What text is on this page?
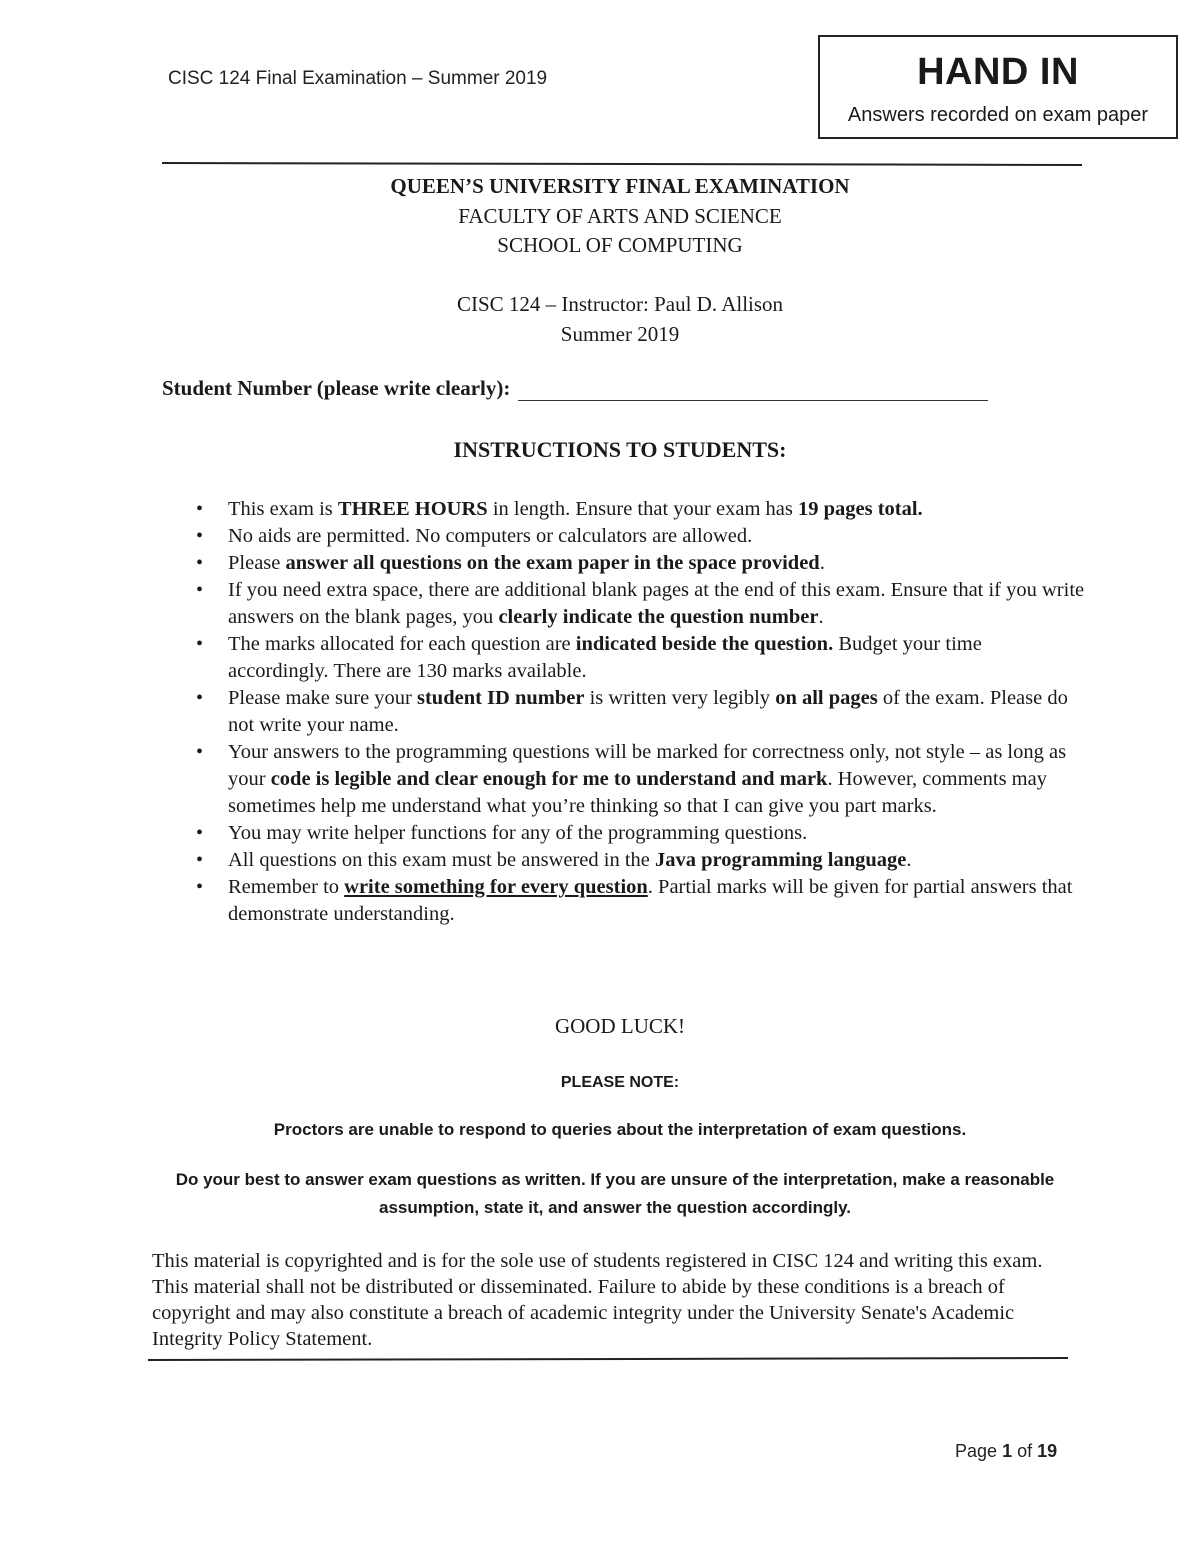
CISC 124 Final Examination – Summer 2019	HAND IN
Answers recorded on exam paper
QUEEN’S UNIVERSITY FINAL EXAMINATION
FACULTY OF ARTS AND SCIENCE
SCHOOL OF COMPUTING
CISC 124 – Instructor: Paul D. Allison
Summer 2019
Student Number (please write clearly):
INSTRUCTIONS TO STUDENTS:
• This exam is THREE HOURS in length. Ensure that your exam has 19 pages total.
• No aids are permitted. No computers or calculators are allowed.
• Please answer all questions on the exam paper in the space provided.
• If you need extra space, there are additional blank pages at the end of this exam. Ensure that if you write answers on the blank pages, you clearly indicate the question number.
• The marks allocated for each question are indicated beside the question. Budget your time accordingly. There are 130 marks available.
• Please make sure your student ID number is written very legibly on all pages of the exam. Please do not write your name.
• Your answers to the programming questions will be marked for correctness only, not style – as long as your code is legible and clear enough for me to understand and mark. However, comments may sometimes help me understand what you’re thinking so that I can give you part marks.
• You may write helper functions for any of the programming questions.
• All questions on this exam must be answered in the Java programming language.
• Remember to write something for every question. Partial marks will be given for partial answers that demonstrate understanding.
GOOD LUCK!
PLEASE NOTE:
Proctors are unable to respond to queries about the interpretation of exam questions.
Do your best to answer exam questions as written. If you are unsure of the interpretation, make a reasonable assumption, state it, and answer the question accordingly.
This material is copyrighted and is for the sole use of students registered in CISC 124 and writing this exam. This material shall not be distributed or disseminated. Failure to abide by these conditions is a breach of copyright and may also constitute a breach of academic integrity under the University Senate's Academic Integrity Policy Statement.
Page 1 of 19
